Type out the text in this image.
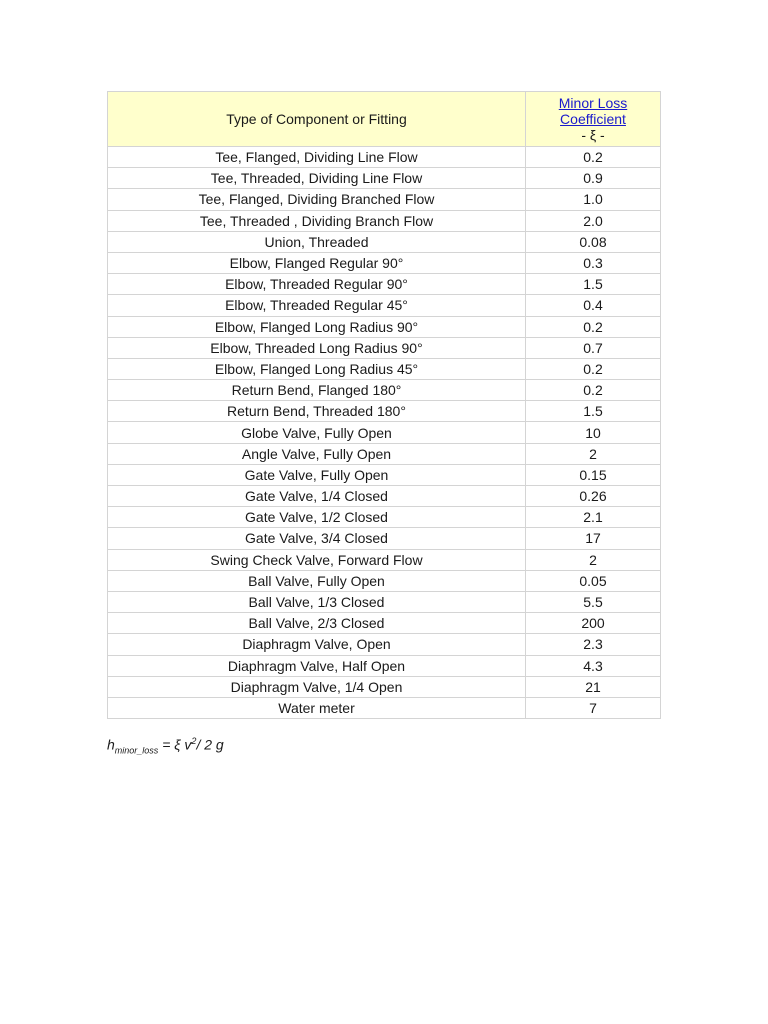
Type of Component or Fitting	Minor Loss
Coefficient
- ξ -

Tee, Flanged, Dividing Line Flow	0.2
Tee, Threaded, Dividing Line Flow	0.9
Tee, Flanged, Dividing Branched Flow	1.0
Tee, Threaded , Dividing Branch Flow	2.0
Union, Threaded	0.08
Elbow, Flanged Regular 90°	0.3
Elbow, Threaded Regular 90°	1.5
Elbow, Threaded Regular 45°	0.4
Elbow, Flanged Long Radius 90°	0.2
Elbow, Threaded Long Radius 90°	0.7
Elbow, Flanged Long Radius 45°	0.2
Return Bend, Flanged 180°	0.2
Return Bend, Threaded 180°	1.5
Globe Valve, Fully Open	10
Angle Valve, Fully Open	2
Gate Valve, Fully Open	0.15
Gate Valve, 1/4 Closed	0.26
Gate Valve, 1/2 Closed	2.1
Gate Valve, 3/4 Closed	17
Swing Check Valve, Forward Flow	2
Ball Valve, Fully Open	0.05
Ball Valve, 1/3 Closed	5.5
Ball Valve, 2/3 Closed	200
Diaphragm Valve, Open	2.3
Diaphragm Valve, Half Open	4.3
Diaphragm Valve, 1/4 Open	21
Water meter	7
$h_{minor\_loss} = \xi$ $v^2/$ 2 g
